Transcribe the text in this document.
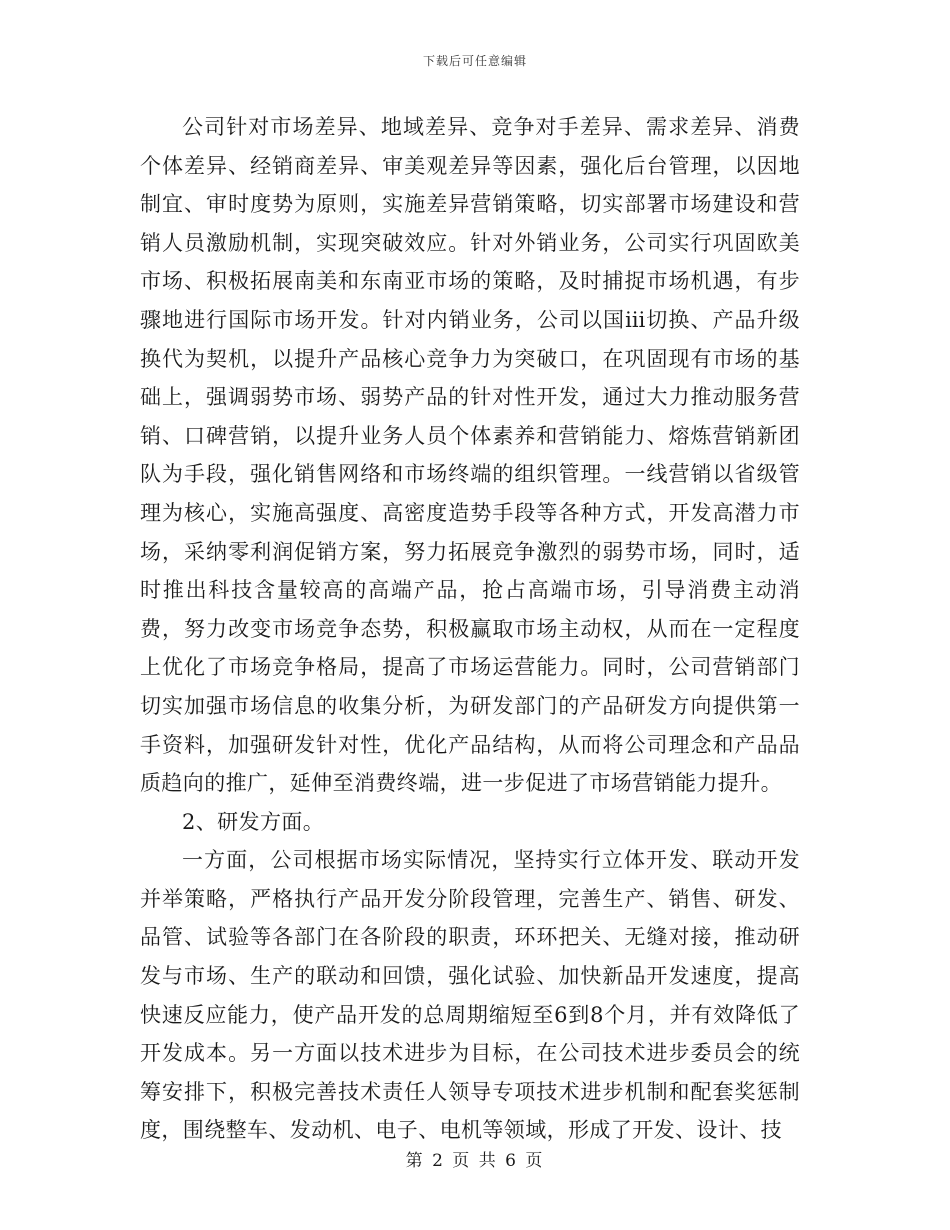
下载后可任意编辑

公司针对市场差异、地域差异、竞争对手差异、需求差异、消费个体差异、经销商差异、审美观差异等因素，强化后台管理，以因地制宜、审时度势为原则，实施差异营销策略，切实部署市场建设和营销人员激励机制，实现突破效应。针对外销业务，公司实行巩固欧美市场、积极拓展南美和东南亚市场的策略，及时捕捉市场机遇，有步骤地进行国际市场开发。针对内销业务，公司以国ⅲ切换、产品升级换代为契机，以提升产品核心竞争力为突破口，在巩固现有市场的基础上，强调弱势市场、弱势产品的针对性开发，通过大力推动服务营销、口碑营销，以提升业务人员个体素养和营销能力、熔炼营销新团队为手段，强化销售网络和市场终端的组织管理。一线营销以省级管理为核心，实施高强度、高密度造势手段等各种方式，开发高潜力市场，采纳零利润促销方案，努力拓展竞争激烈的弱势市场，同时，适时推出科技含量较高的高端产品，抢占高端市场，引导消费主动消费，努力改变市场竞争态势，积极赢取市场主动权，从而在一定程度上优化了市场竞争格局，提高了市场运营能力。同时，公司营销部门切实加强市场信息的收集分析，为研发部门的产品研发方向提供第一手资料，加强研发针对性，优化产品结构，从而将公司理念和产品品质趋向的推广，延伸至消费终端，进一步促进了市场营销能力提升。

2、研发方面。

一方面，公司根据市场实际情况，坚持实行立体开发、联动开发并举策略，严格执行产品开发分阶段管理，完善生产、销售、研发、品管、试验等各部门在各阶段的职责，环环把关、无缝对接，推动研发与市场、生产的联动和回馈，强化试验、加快新品开发速度，提高快速反应能力，使产品开发的总周期缩短至6到8个月，并有效降低了开发成本。另一方面以技术进步为目标，在公司技术进步委员会的统筹安排下，积极完善技术责任人领导专项技术进步机制和配套奖惩制度，围绕整车、发动机、电子、电机等领域，形成了开发、设计、技

第 2 页 共 6 页
